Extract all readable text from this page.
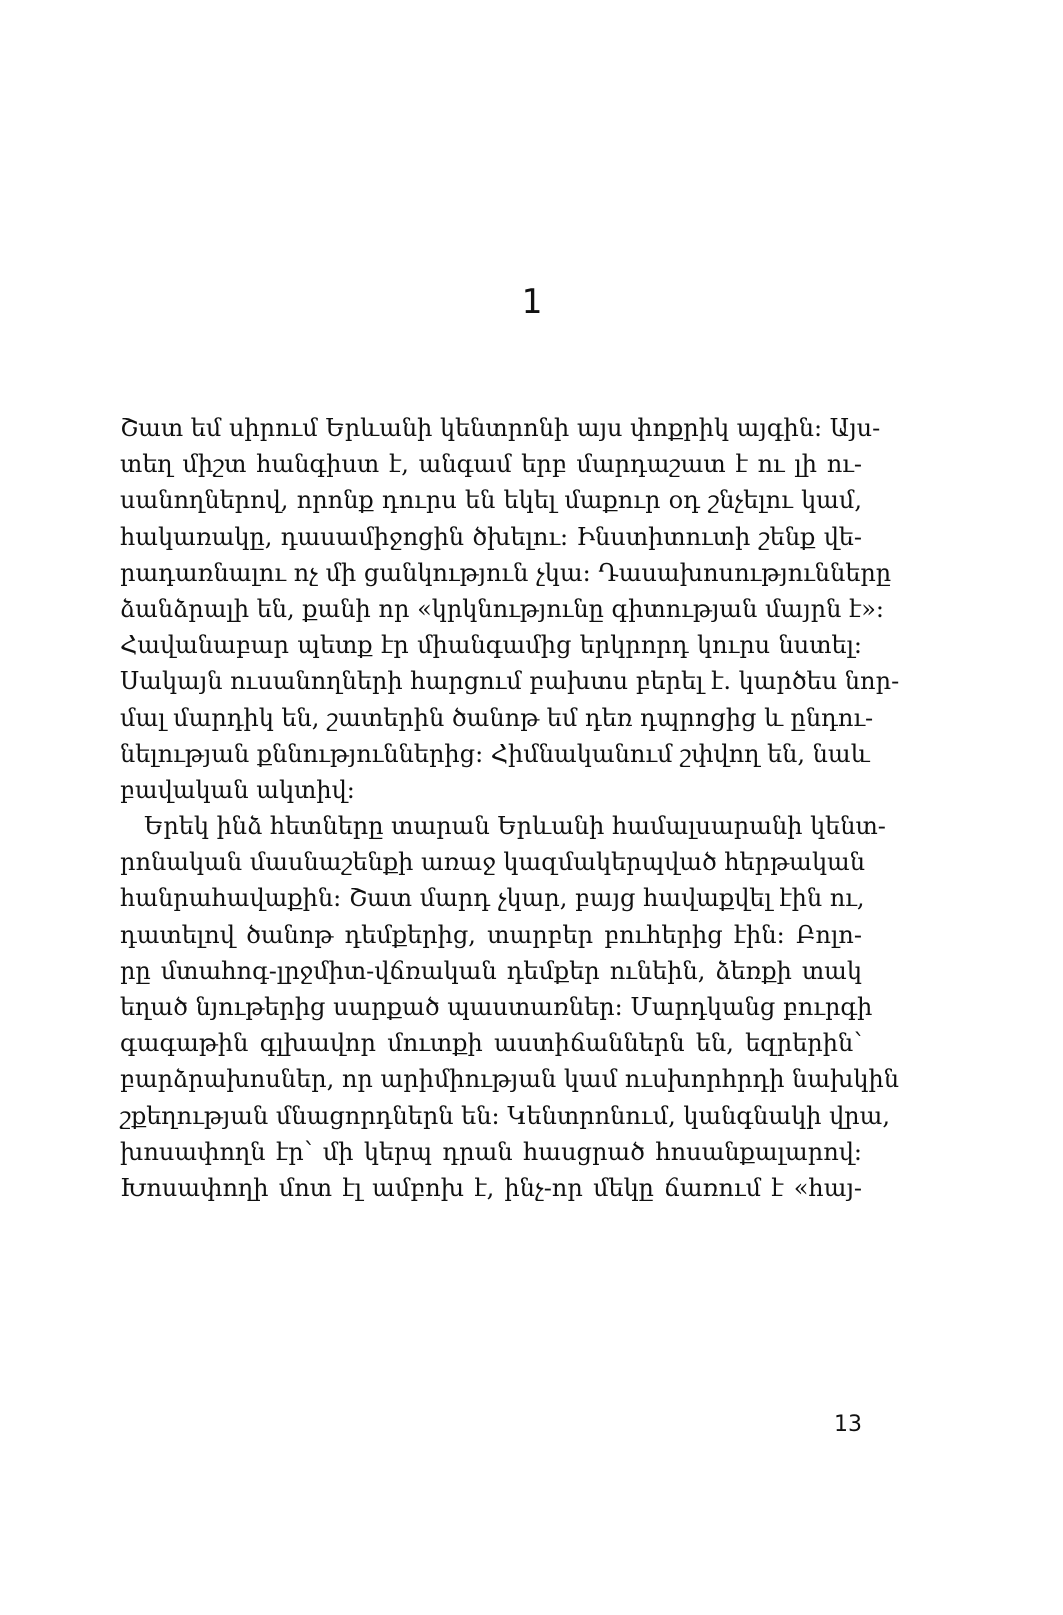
1
Շատ եմ սիրում Երևանի կենտրոնի այս փոքրիկ այգին: Այս-
տեղ միշտ հանգիստ է, անգամ երբ մարդաշատ է ու լի ու-
սանողներով, որոնք դուրս են եկել մաքուր օդ շնչելու կամ,
հակառակը, դասամիջոցին ծխելու: Ինստիտուտի շենք վե-
րադառնալու ոչ մի ցանկություն չկա: Դասախոսությունները
ձանձրալի են, քանի որ «կրկնությունը գիտության մայրն է»:
Հավանաբար պետք էր միանգամից երկրորդ կուրս նստել:
Սակայն ուսանողների հարցում բախտս բերել է. կարծես նոր-
մալ մարդիկ են, շատերին ծանոթ եմ դեռ դպրոցից և ընդու-
նելության քննություններից: Հիմնականում շփվող են, նաև
բավական ակտիվ:
Երեկ ինձ հետները տարան Երևանի համալսարանի կենտ-
րոնական մասնաշենքի առաջ կազմակերպված հերթական
հանրահավաքին: Շատ մարդ չկար, բայց հավաքվել էին ու,
դատելով ծանոթ դեմքերից, տարբեր բուհերից էին: Բոլո-
րը մտահոգ-լրջմիտ-վճռական դեմքեր ունեին, ձեռքի տակ
եղած նյութերից սարքած պաստառներ: Մարդկանց բուրգի
գագաթին գլխավոր մուտքի աստիճաններն են, եզրերին՝
բարձրախոսներ, որ արիմիության կամ ուսխորհրդի նախկին
շքեղության մնացորդներն են: Կենտրոնում, կանգնակի վրա,
խոսափողն էր՝ մի կերպ դրան հասցրած հոսանքալարով:
Խոսափողի մոտ էլ ամբոխ է, ինչ-որ մեկը ճառում է «հայ-
13
